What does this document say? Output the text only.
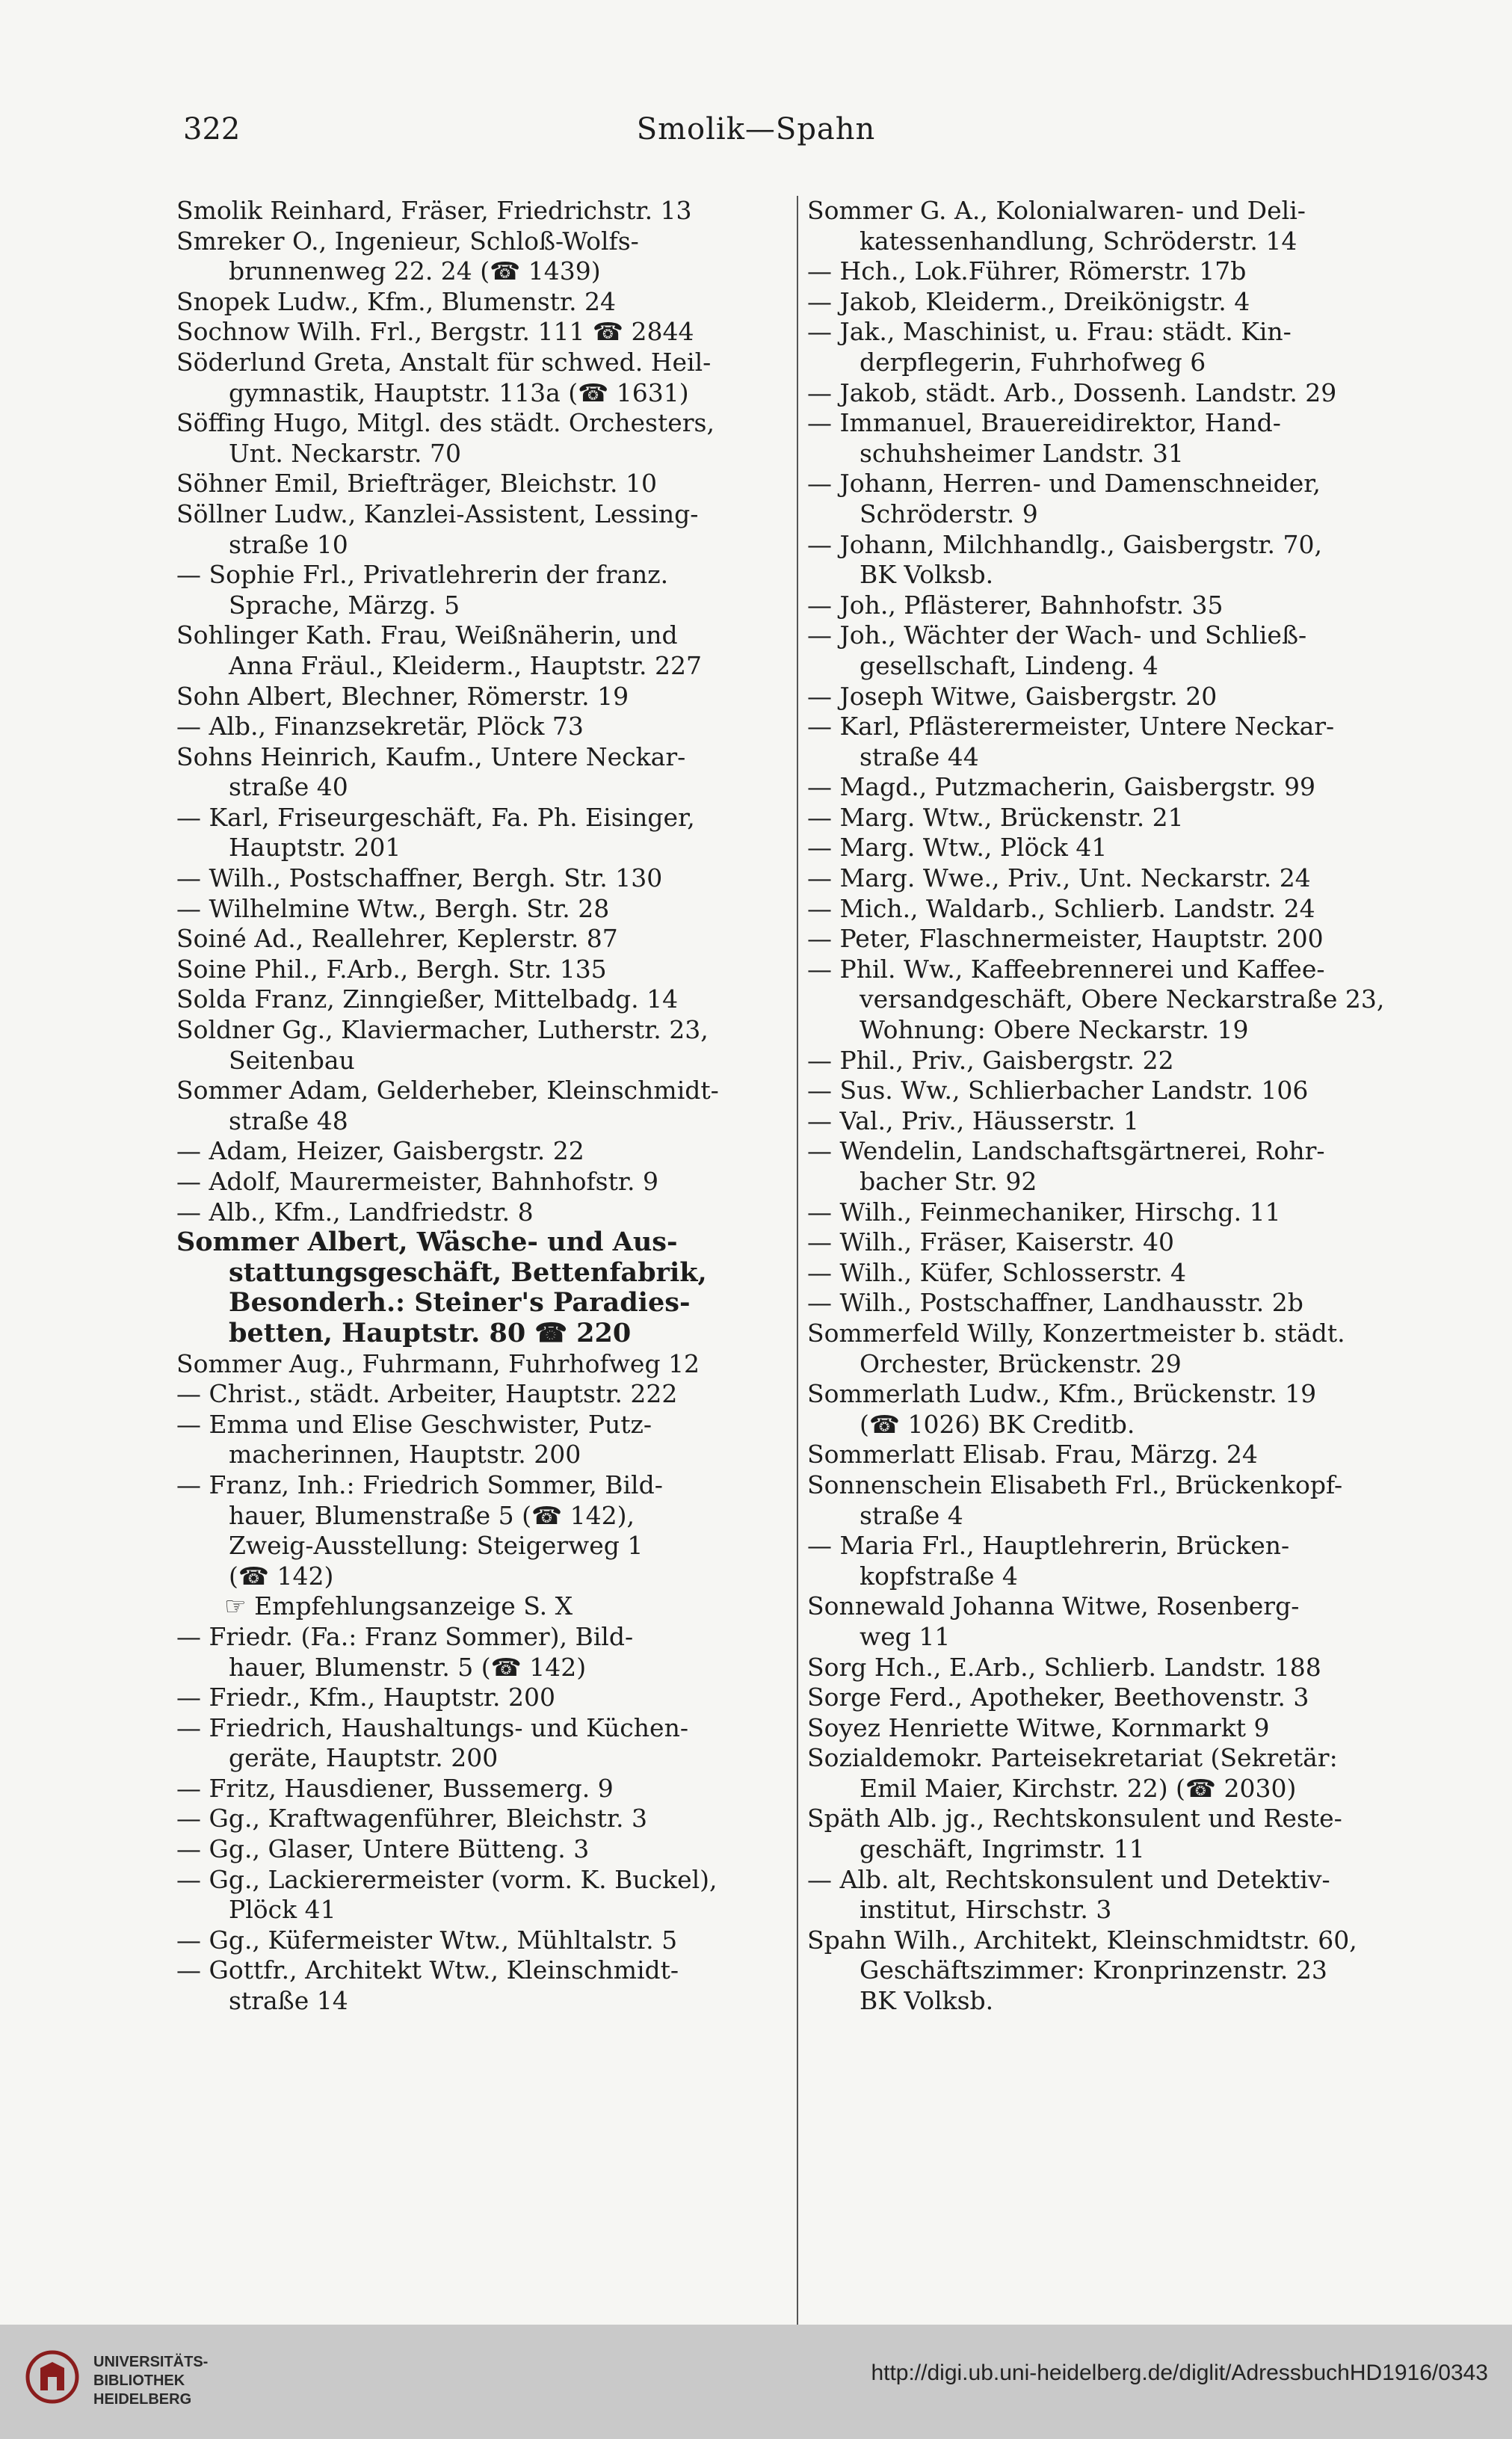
322	Smolik—Spahn
Smolik Reinhard, Fräser, Friedrichstr. 13
Smreker O., Ingenieur, Schloß-Wolfs-
brunnenweg 22. 24 (☎ 1439)
Snopek Ludw., Kfm., Blumenstr. 24
Sochnow Wilh. Frl., Bergstr. 111 ☎ 2844
Söderlund Greta, Anstalt für schwed. Heil-
gymnastik, Hauptstr. 113a (☎ 1631)
Söffing Hugo, Mitgl. des städt. Orchesters,
Unt. Neckarstr. 70
Söhner Emil, Briefträger, Bleichstr. 10
Söllner Ludw., Kanzlei-Assistent, Lessing-
straße 10
— Sophie Frl., Privatlehrerin der franz.
Sprache, Märzg. 5
Sohlinger Kath. Frau, Weißnäherin, und
Anna Fräul., Kleiderm., Hauptstr. 227
Sohn Albert, Blechner, Römerstr. 19
— Alb., Finanzsekretär, Plöck 73
Sohns Heinrich, Kaufm., Untere Neckar-
straße 40
— Karl, Friseurgeschäft, Fa. Ph. Eisinger,
Hauptstr. 201
— Wilh., Postschaffner, Bergh. Str. 130
— Wilhelmine Wtw., Bergh. Str. 28
Soiné Ad., Reallehrer, Keplerstr. 87
Soine Phil., F.Arb., Bergh. Str. 135
Solda Franz, Zinngießer, Mittelbadg. 14
Soldner Gg., Klaviermacher, Lutherstr. 23,
Seitenbau
Sommer Adam, Gelderheber, Kleinschmidt-
straße 48
— Adam, Heizer, Gaisbergstr. 22
— Adolf, Maurermeister, Bahnhofstr. 9
— Alb., Kfm., Landfriedstr. 8
Sommer Albert, Wäsche- und Aus-
stattungsgeschäft, Bettenfabrik,
Besonderh.: Steiner's Paradies-
betten, Hauptstr. 80 ☎ 220
Sommer Aug., Fuhrmann, Fuhrhofweg 12
— Christ., städt. Arbeiter, Hauptstr. 222
— Emma und Elise Geschwister, Putz-
macherinnen, Hauptstr. 200
— Franz, Inh.: Friedrich Sommer, Bild-
hauer, Blumenstraße 5 (☎ 142),
Zweig-Ausstellung: Steigerweg 1
(☎ 142)
☞ Empfehlungsanzeige S. X
— Friedr. (Fa.: Franz Sommer), Bild-
hauer, Blumenstr. 5 (☎ 142)
— Friedr., Kfm., Hauptstr. 200
— Friedrich, Haushaltungs- und Küchen-
geräte, Hauptstr. 200
— Fritz, Hausdiener, Bussemerg. 9
— Gg., Kraftwagenführer, Bleichstr. 3
— Gg., Glaser, Untere Bütteng. 3
— Gg., Lackierermeister (vorm. K. Buckel),
Plöck 41
— Gg., Küfermeister Wtw., Mühltalstr. 5
— Gottfr., Architekt Wtw., Kleinschmidt-
straße 14
Sommer G. A., Kolonialwaren- und Deli-
katessenhandlung, Schröderstr. 14
— Hch., Lok.Führer, Römerstr. 17b
— Jakob, Kleiderm., Dreikönigstr. 4
— Jak., Maschinist, u. Frau: städt. Kin-
derpflegerin, Fuhrhofweg 6
— Jakob, städt. Arb., Dossenh. Landstr. 29
— Immanuel, Brauereidirektor, Hand-
schuhsheimer Landstr. 31
— Johann, Herren- und Damenschneider,
Schröderstr. 9
— Johann, Milchhandlg., Gaisbergstr. 70,
BK Volksb.
— Joh., Pflästerer, Bahnhofstr. 35
— Joh., Wächter der Wach- und Schließ-
gesellschaft, Lindeng. 4
— Joseph Witwe, Gaisbergstr. 20
— Karl, Pflästerermeister, Untere Neckar-
straße 44
— Magd., Putzmacherin, Gaisbergstr. 99
— Marg. Wtw., Brückenstr. 21
— Marg. Wtw., Plöck 41
— Marg. Wwe., Priv., Unt. Neckarstr. 24
— Mich., Waldarb., Schlierb. Landstr. 24
— Peter, Flaschnermeister, Hauptstr. 200
— Phil. Ww., Kaffeebrennerei und Kaffee-
versandgeschäft, Obere Neckarstraße 23,
Wohnung: Obere Neckarstr. 19
— Phil., Priv., Gaisbergstr. 22
— Sus. Ww., Schlierbacher Landstr. 106
— Val., Priv., Häusserstr. 1
— Wendelin, Landschaftsgärtnerei, Rohr-
bacher Str. 92
— Wilh., Feinmechaniker, Hirschg. 11
— Wilh., Fräser, Kaiserstr. 40
— Wilh., Küfer, Schlosserstr. 4
— Wilh., Postschaffner, Landhausstr. 2b
Sommerfeld Willy, Konzertmeister b. städt.
Orchester, Brückenstr. 29
Sommerlath Ludw., Kfm., Brückenstr. 19
(☎ 1026) BK Creditb.
Sommerlatt Elisab. Frau, Märzg. 24
Sonnenschein Elisabeth Frl., Brückenkopf-
straße 4
— Maria Frl., Hauptlehrerin, Brücken-
kopfstraße 4
Sonnewald Johanna Witwe, Rosenberg-
weg 11
Sorg Hch., E.Arb., Schlierb. Landstr. 188
Sorge Ferd., Apotheker, Beethovenstr. 3
Soyez Henriette Witwe, Kornmarkt 9
Sozialdemokr. Parteisekretariat (Sekretär:
Emil Maier, Kirchstr. 22) (☎ 2030)
Späth Alb. jg., Rechtskonsulent und Reste-
geschäft, Ingrimstr. 11
— Alb. alt, Rechtskonsulent und Detektiv-
institut, Hirschstr. 3
Spahn Wilh., Architekt, Kleinschmidtstr. 60,
Geschäftszimmer: Kronprinzenstr. 23
BK Volksb.
UNIVERSITÄTS-
BIBLIOTHEK
HEIDELBERG
http://digi.ub.uni-heidelberg.de/diglit/AdressbuchHD1916/0343
